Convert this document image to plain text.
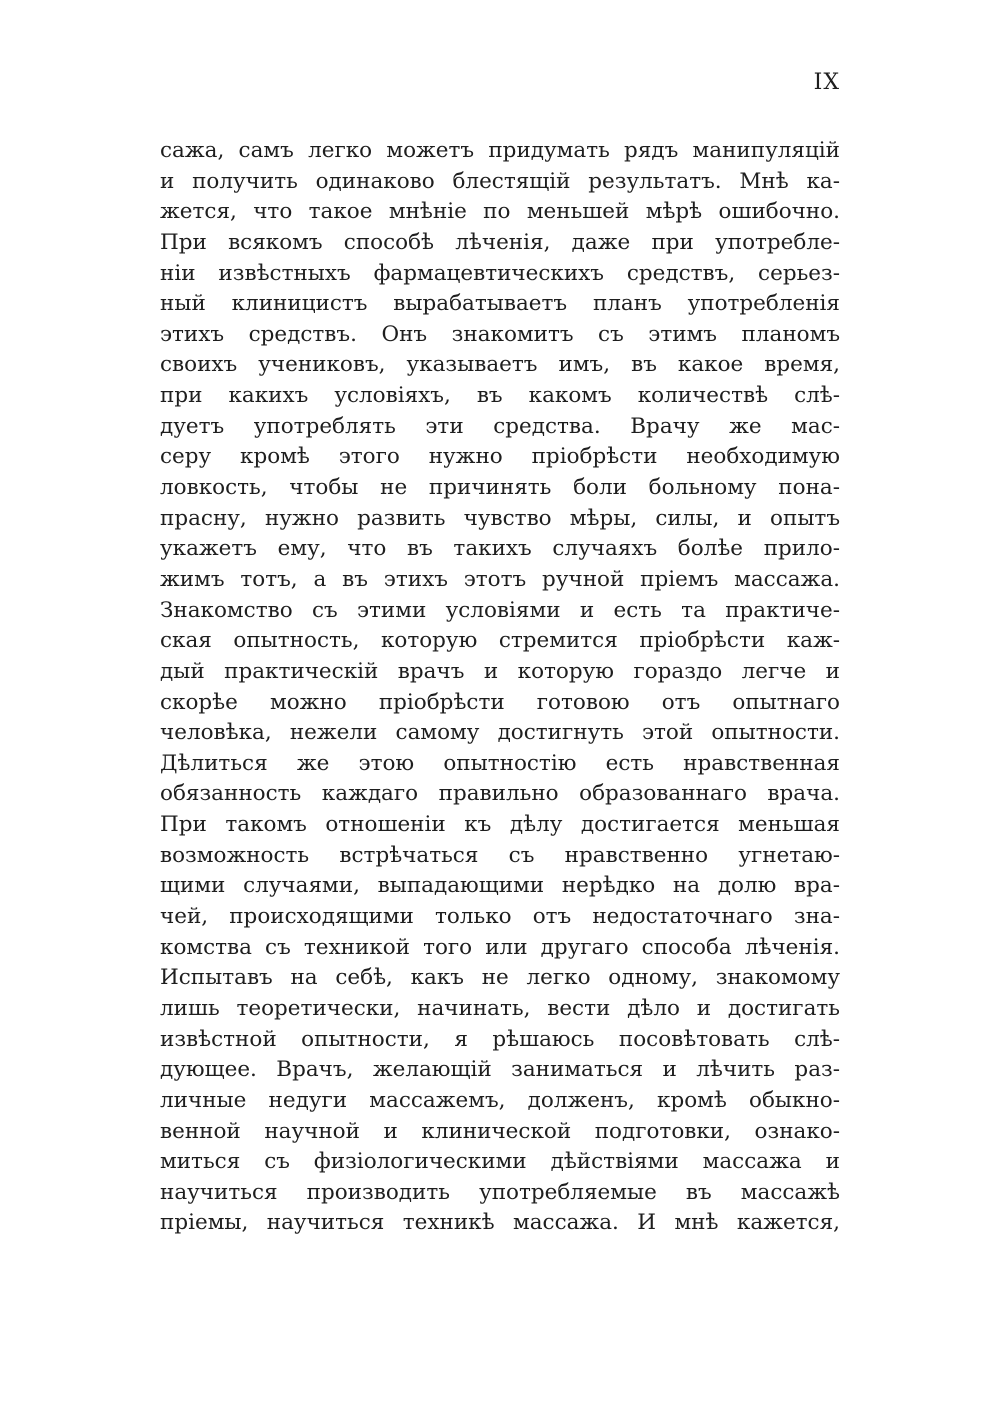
IX
сажа, самъ легко можетъ придумать рядъ манипуляцій
и получить одинаково блестящій результатъ. Мнѣ ка-
жется, что такое мнѣніе по меньшей мѣрѣ ошибочно.
При всякомъ способѣ лѣченія, даже при употребле-
ніи извѣстныхъ фармацевтическихъ средствъ, серьез-
ный клиницистъ вырабатываетъ планъ употребленія
этихъ средствъ. Онъ знакомитъ съ этимъ планомъ
своихъ учениковъ, указываетъ имъ, въ какое время,
при какихъ условіяхъ, въ какомъ количествѣ слѣ-
дуетъ употреблять эти средства. Врачу же мас-
серу кромѣ этого нужно пріобрѣсти необходимую
ловкость, чтобы не причинять боли больному пона-
прасну, нужно развить чувство мѣры, силы, и опытъ
укажетъ ему, что въ такихъ случаяхъ болѣе прило-
жимъ тотъ, а въ этихъ этотъ ручной пріемъ массажа.
Знакомство съ этими условіями и есть та практиче-
ская опытность, которую стремится пріобрѣсти каж-
дый практическій врачъ и которую гораздо легче и
скорѣе можно пріобрѣсти готовою отъ опытнаго
человѣка, нежели самому достигнуть этой опытности.
Дѣлиться же этою опытностію есть нравственная
обязанность каждаго правильно образованнаго врача.
При такомъ отношеніи къ дѣлу достигается меньшая
возможность встрѣчаться съ нравственно угнетаю-
щими случаями, выпадающими нерѣдко на долю вра-
чей, происходящими только отъ недостаточнаго зна-
комства съ техникой того или другаго способа лѣченія.
Испытавъ на себѣ, какъ не легко одному, знакомому
лишь теоретически, начинать, вести дѣло и достигать
извѣстной опытности, я рѣшаюсь посовѣтовать слѣ-
дующее. Врачъ, желающій заниматься и лѣчить раз-
личные недуги массажемъ, долженъ, кромѣ обыкно-
венной научной и клинической подготовки, ознако-
миться съ физіологическими дѣйствіями массажа и
научиться производить употребляемые въ массажѣ
пріемы, научиться техникѣ массажа. И мнѣ кажется,
